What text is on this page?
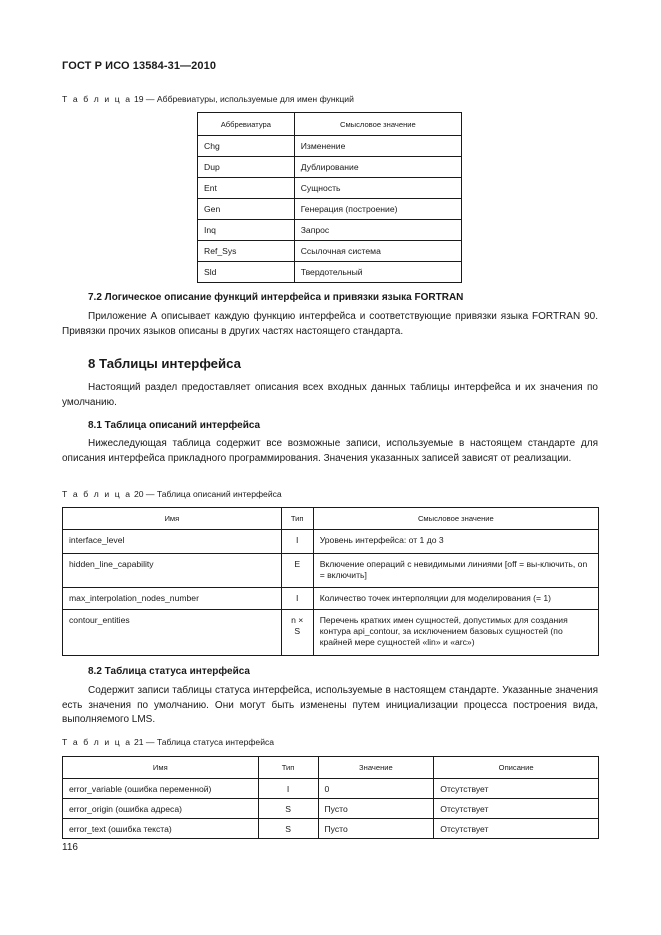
ГОСТ Р ИСО 13584-31—2010
Т а б л и ц а 19 — Аббревиатуры, используемые для имен функций
Аббревиатура	Смысловое значение
Chg	Изменение
Dup	Дублирование
Ent	Сущность
Gen	Генерация (построение)
Inq	Запрос
Ref_Sys	Ссылочная система
Sld	Твердотельный
7.2 Логическое описание функций интерфейса и привязки языка FORTRAN
Приложение А описывает каждую функцию интерфейса и соответствующие привязки языка FORTRAN 90. Привязки прочих языков описаны в других частях настоящего стандарта.
8 Таблицы интерфейса
Настоящий раздел предоставляет описания всех входных данных таблицы интерфейса и их значения по умолчанию.
8.1 Таблица описаний интерфейса
Нижеследующая таблица содержит все возможные записи, используемые в настоящем стандарте для описания интерфейса прикладного программирования. Значения указанных записей зависят от реализации.
Т а б л и ц а 20 — Таблица описаний интерфейса
Имя	Тип	Смысловое значение
interface_level	I	Уровень интерфейса: от 1 до 3
hidden_line_capability	E	Включение операций с невидимыми линиями [off = вы-ключить, on = включить]
max_interpolation_nodes_number	I	Количество точек интерполяции для моделирования (= 1)
contour_entities	n × S	Перечень кратких имен сущностей, допустимых для создания контура api_contour, за исключением базовых сущностей (по крайней мере сущностей «lin» и «arc»)
8.2 Таблица статуса интерфейса
Содержит записи таблицы статуса интерфейса, используемые в настоящем стандарте. Указанные значения есть значения по умолчанию. Они могут быть изменены путем инициализации процесса построения вида, выполняемого LMS.
Т а б л и ц а 21 — Таблица статуса интерфейса
Имя	Тип	Значение	Описание
error_variable (ошибка переменной)	I	0	Отсутствует
error_origin (ошибка адреса)	S	Пусто	Отсутствует
error_text (ошибка текста)	S	Пусто	Отсутствует
116
